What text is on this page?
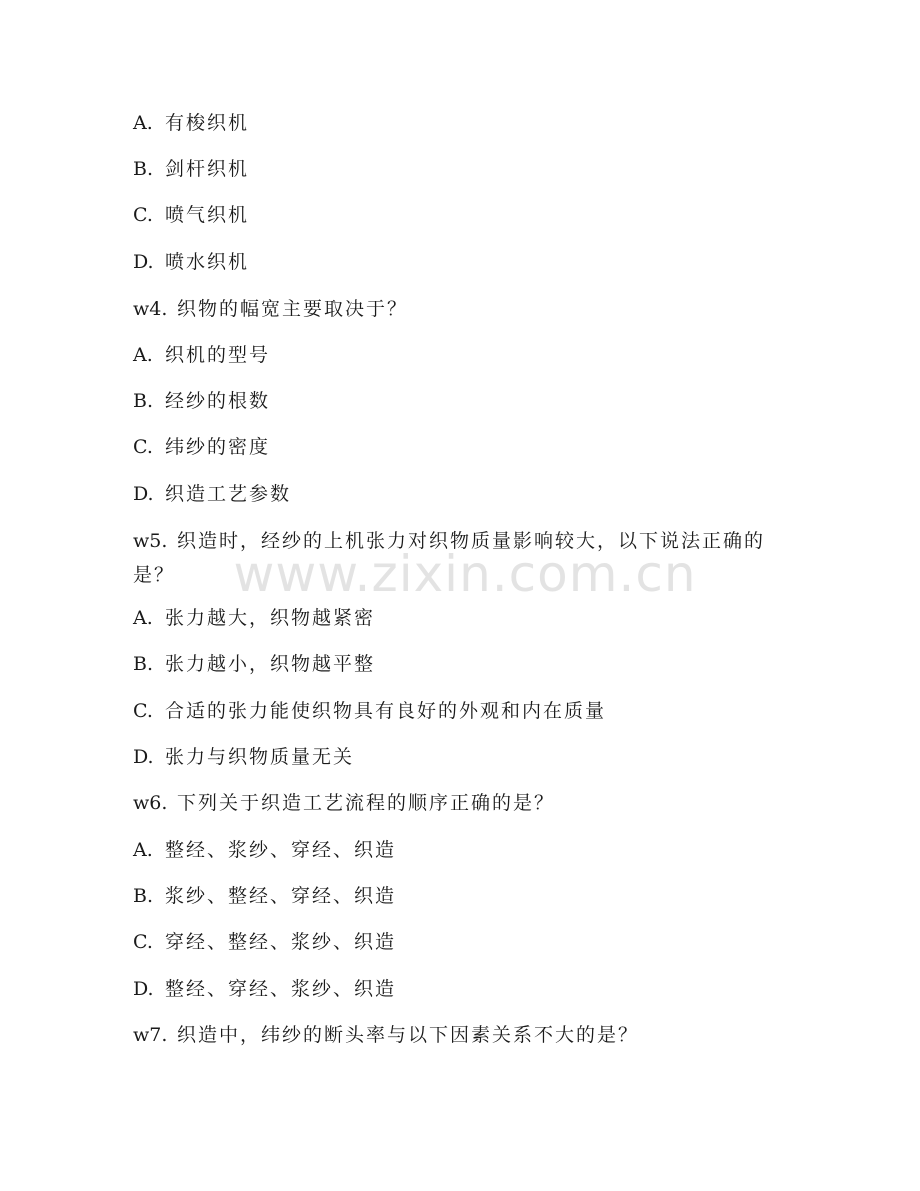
www.zixin.com.cn
A. 有梭织机
B. 剑杆织机
C. 喷气织机
D. 喷水织机
w4. 织物的幅宽主要取决于？
A. 织机的型号
B. 经纱的根数
C. 纬纱的密度
D. 织造工艺参数
w5. 织造时，经纱的上机张力对织物质量影响较大，以下说法正确的是？
A. 张力越大，织物越紧密
B. 张力越小，织物越平整
C. 合适的张力能使织物具有良好的外观和内在质量
D. 张力与织物质量无关
w6. 下列关于织造工艺流程的顺序正确的是？
A. 整经、浆纱、穿经、织造
B. 浆纱、整经、穿经、织造
C. 穿经、整经、浆纱、织造
D. 整经、穿经、浆纱、织造
w7. 织造中，纬纱的断头率与以下因素关系不大的是？
